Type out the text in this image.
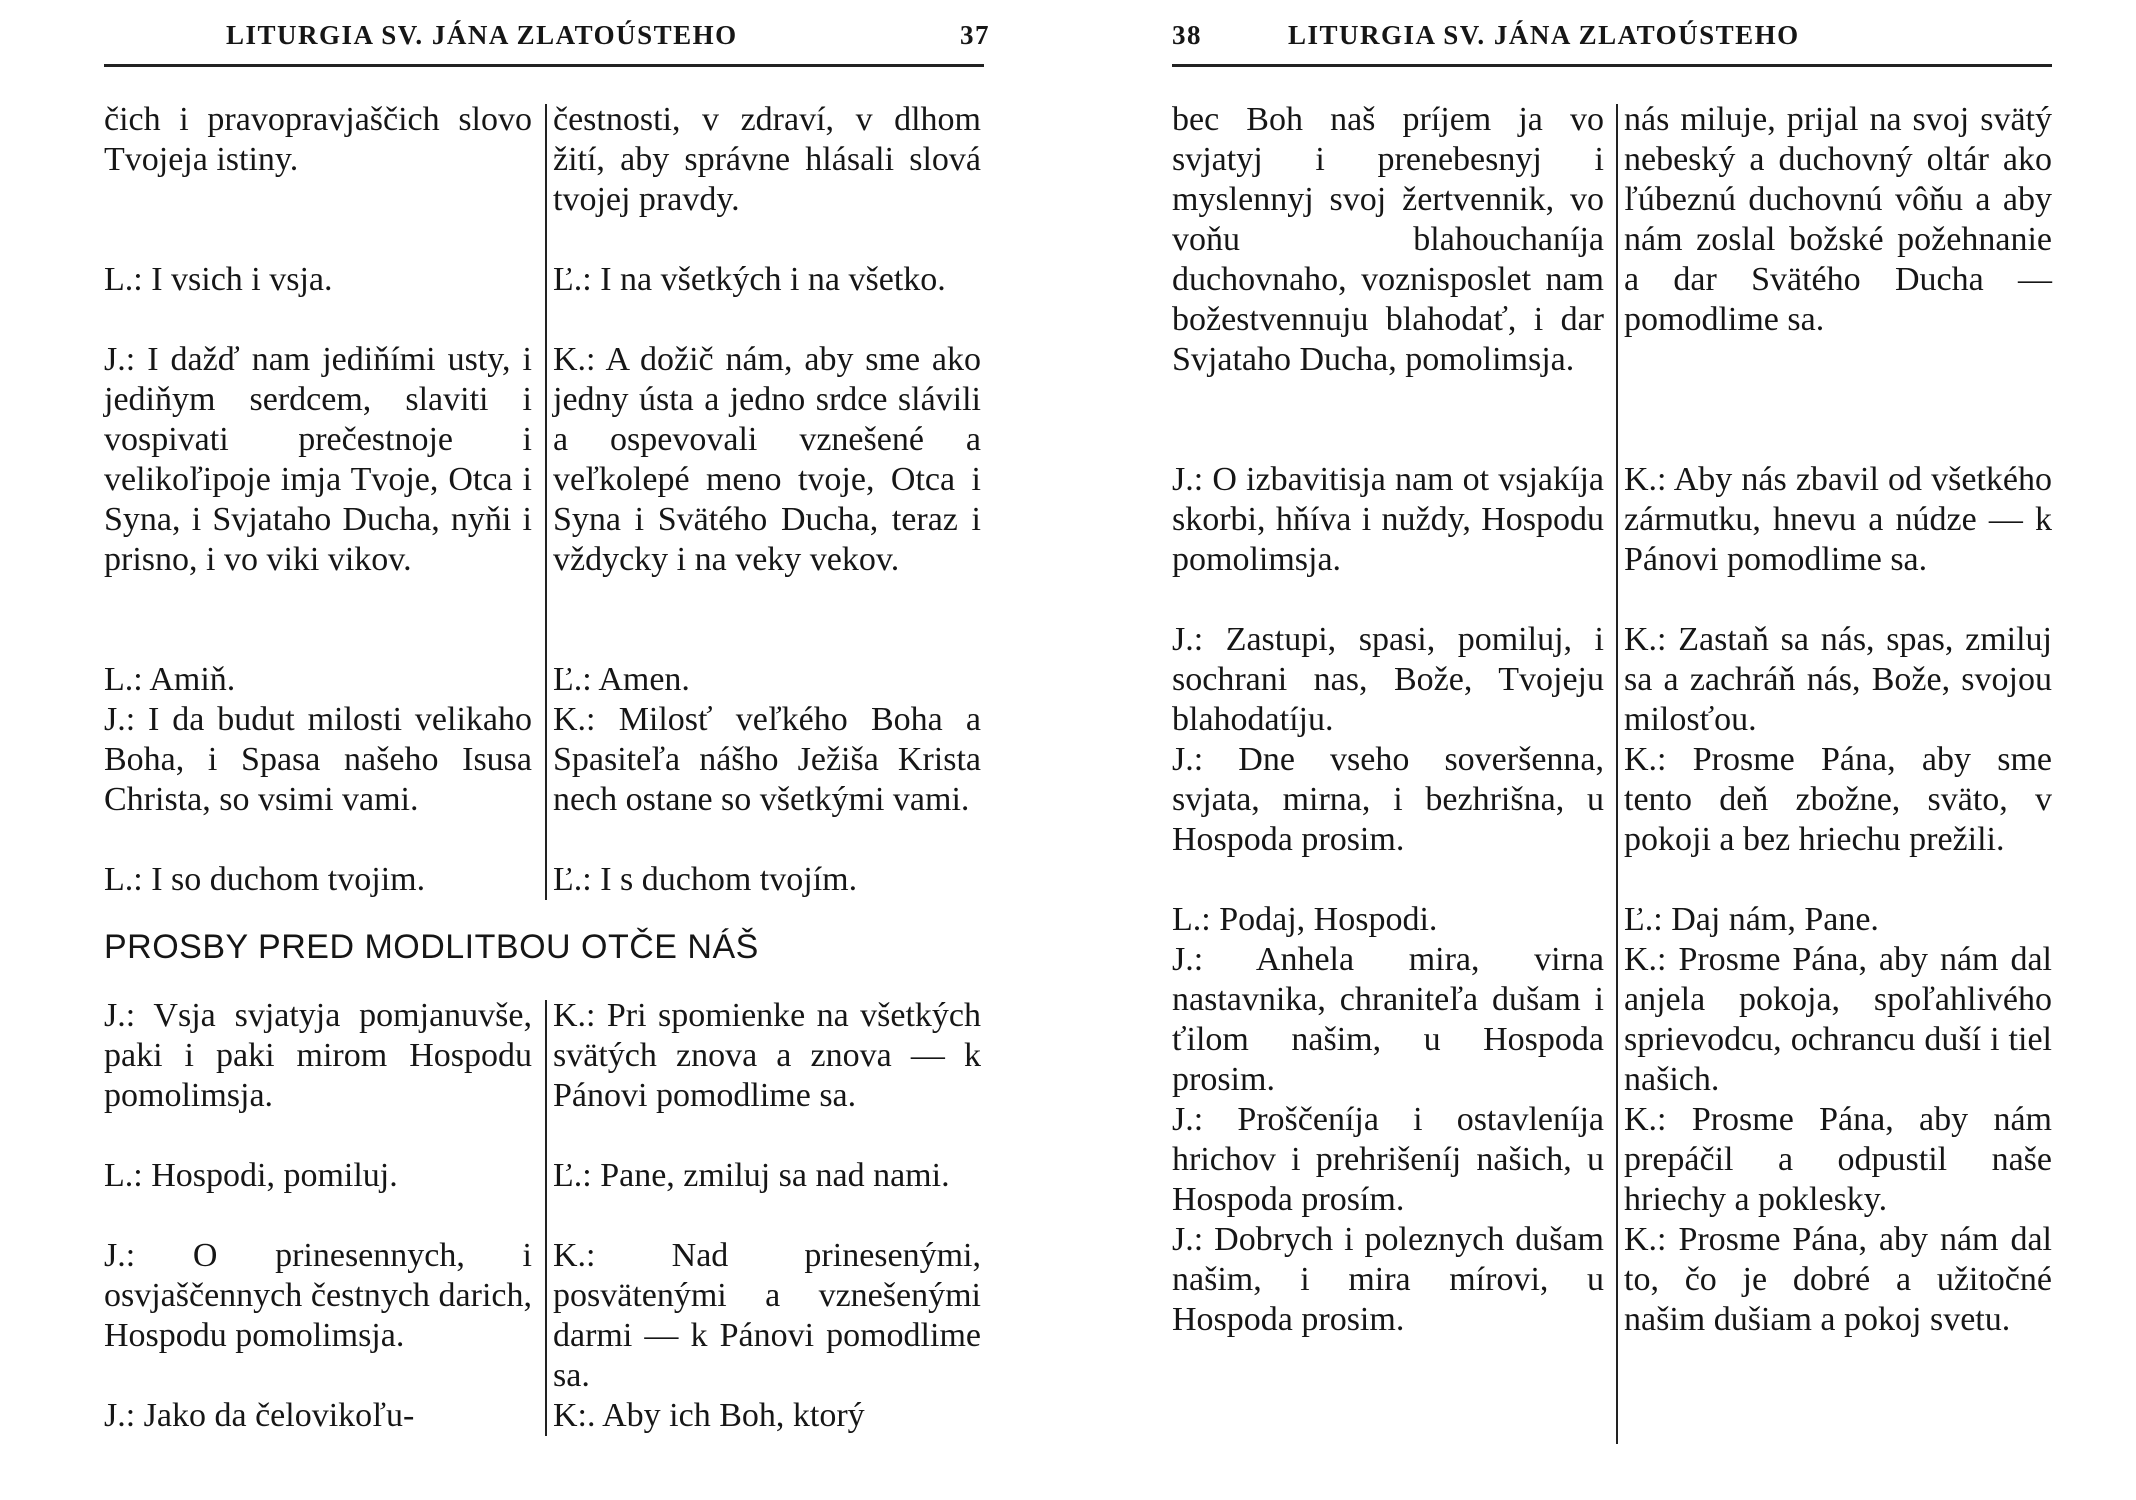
LITURGIA SV. JÁNA ZLATOÚSTEHO	37

čich i pravopravjaščich slovo Tvojeja istiny.

L.: I vsich i vsja.

J.: I dažď nam jediňími usty, i jediňym serdcem, slaviti i vospivati prečestnoje i velikoľipoje imja Tvoje, Otca i Syna, i Svjataho Ducha, nyňi i prisno, i vo viki vikov.

L.: Amiň.

J.: I da budut milosti velikaho Boha, i Spasa našeho Isusa Christa, so vsimi vami.

L.: I so duchom tvojim.

čestnosti, v zdraví, v dlhom žití, aby správne hlásali slová tvojej pravdy.

Ľ.: I na všetkých i na všetko.

K.: A dožič nám, aby sme ako jedny ústa a jedno srdce slávili a ospevovali vznešené a veľkolepé meno tvoje, Otca i Syna i Svätého Ducha, teraz i vždycky i na veky vekov.

Ľ.: Amen.

K.: Milosť veľkého Boha a Spasiteľa nášho Ježiša Krista nech ostane so všetkými vami.

Ľ.: I s duchom tvojím.

PROSBY PRED MODLITBOU OTČE NÁŠ

J.: Vsja svjatyja pomjanuvše, paki i paki mirom Hospodu pomolimsja.

L.: Hospodi, pomiluj.

J.: O prinesennych, i osvjaščennych čestnych darich, Hospodu pomolimsja.

J.: Jako da čelovikoľu-

K.: Pri spomienke na všetkých svätých znova a znova — k Pánovi pomodlime sa.

Ľ.: Pane, zmiluj sa nad nami.

K.: Nad prinesenými, posvätenými a vznešenými darmi — k Pánovi pomodlime sa.

K:. Aby ich Boh, ktorý

38	LITURGIA SV. JÁNA ZLATOÚSTEHO

bec Boh naš príjem ja vo svjatyj i prenebesnyj i myslennyj svoj žertvennik, vo voňu blahouchaníja duchovnaho, voznisposlet nam božestvennuju blahodať, i dar Svjataho Ducha, pomolimsja.

J.: O izbavitisja nam ot vsjakíja skorbi, hňíva i nuždy, Hospodu pomolimsja.

J.: Zastupi, spasi, pomiluj, i sochrani nas, Bože, Tvojeju blahodatíju.

J.: Dne vseho soveršenna, svjata, mirna, i bezhrišna, u Hospoda prosim.

L.: Podaj, Hospodi.

J.: Anhela mira, virna nastavnika, chraniteľa dušam i ťilom našim, u Hospoda prosim.

J.: Proščeníja i ostavleníja hrichov i prehrišeníj našich, u Hospoda prosím.

J.: Dobrych i poleznych dušam našim, i mira mírovi, u Hospoda prosim.

nás miluje, prijal na svoj svätý nebeský a duchovný oltár ako ľúbeznú duchovnú vôňu a aby nám zoslal božské požehnanie a dar Svätého Ducha — pomodlime sa.

K.: Aby nás zbavil od všetkého zármutku, hnevu a núdze — k Pánovi pomodlime sa.

K.: Zastaň sa nás, spas, zmiluj sa a zachráň nás, Bože, svojou milosťou.

K.: Prosme Pána, aby sme tento deň zbožne, sväto, v pokoji a bez hriechu prežili.

Ľ.: Daj nám, Pane.

K.: Prosme Pána, aby nám dal anjela pokoja, spoľahlivého sprievodcu, ochrancu duší i tiel našich.

K.: Prosme Pána, aby nám prepáčil a odpustil naše hriechy a poklesky.

K.: Prosme Pána, aby nám dal to, čo je dobré a užitočné našim dušiam a pokoj svetu.
